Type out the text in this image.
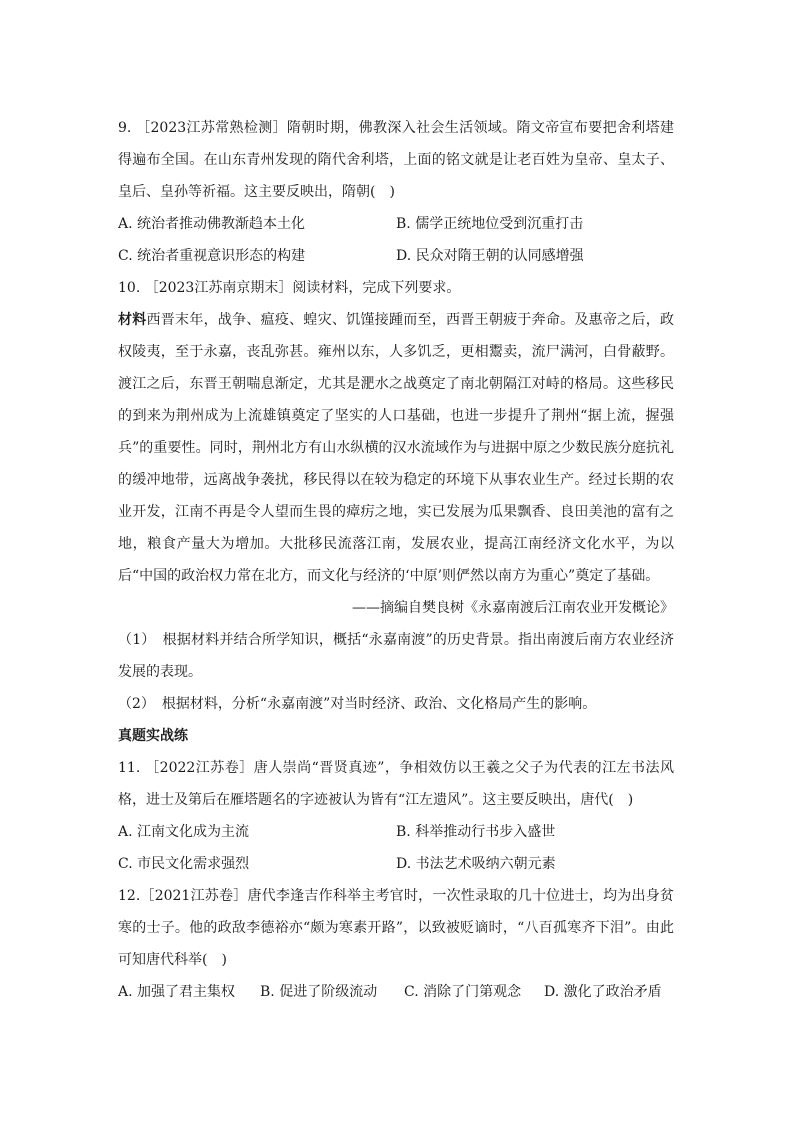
9. ［2023江苏常熟检测］隋朝时期，佛教深入社会生活领域。隋文帝宣布要把舍利塔建得遍布全国。在山东青州发现的隋代舍利塔，上面的铭文就是让老百姓为皇帝、皇太子、皇后、皇孙等祈福。这主要反映出，隋朝(　)

A. 统治者推动佛教渐趋本土化	B. 儒学正统地位受到沉重打击
C. 统治者重视意识形态的构建	D. 民众对隋王朝的认同感增强

10. ［2023江苏南京期末］阅读材料，完成下列要求。

材料西晋末年，战争、瘟疫、蝗灾、饥馑接踵而至，西晋王朝疲于奔命。及惠帝之后，政权陵夷，至于永嘉，丧乱弥甚。雍州以东，人多饥乏，更相鬻卖，流尸满河，白骨蔽野。渡江之后，东晋王朝喘息渐定，尤其是淝水之战奠定了南北朝隔江对峙的格局。这些移民的到来为荆州成为上流雄镇奠定了坚实的人口基础，也进一步提升了荆州“据上流，握强兵”的重要性。同时，荆州北方有山水纵横的汉水流域作为与进据中原之少数民族分庭抗礼的缓冲地带，远离战争袭扰，移民得以在较为稳定的环境下从事农业生产。经过长期的农业开发，江南不再是令人望而生畏的瘴疠之地，实已发展为瓜果飘香、良田美池的富有之地，粮食产量大为增加。大批移民流落江南，发展农业，提高江南经济文化水平，为以后“中国的政治权力常在北方，而文化与经济的‘中原’则俨然以南方为重心”奠定了基础。

——摘编自樊良树《永嘉南渡后江南农业开发概论》

（1）　根据材料并结合所学知识，概括“永嘉南渡”的历史背景。指出南渡后南方农业经济发展的表现。

（2）　根据材料，分析“永嘉南渡”对当时经济、政治、文化格局产生的影响。

真题实战练

11. ［2022江苏卷］唐人崇尚“晋贤真迹”，争相效仿以王羲之父子为代表的江左书法风格，进士及第后在雁塔题名的字迹被认为皆有“江左遗风”。这主要反映出，唐代(　)

A. 江南文化成为主流	B. 科举推动行书步入盛世
C. 市民文化需求强烈	D. 书法艺术吸纳六朝元素

12.［2021江苏卷］唐代李逢吉作科举主考官时，一次性录取的几十位进士，均为出身贫寒的士子。他的政敌李德裕亦“颇为寒素开路”，以致被贬谪时，“八百孤寒齐下泪”。由此可知唐代科举(　)

A. 加强了君主集权	B. 促进了阶级流动	C. 消除了门第观念	D. 激化了政治矛盾
